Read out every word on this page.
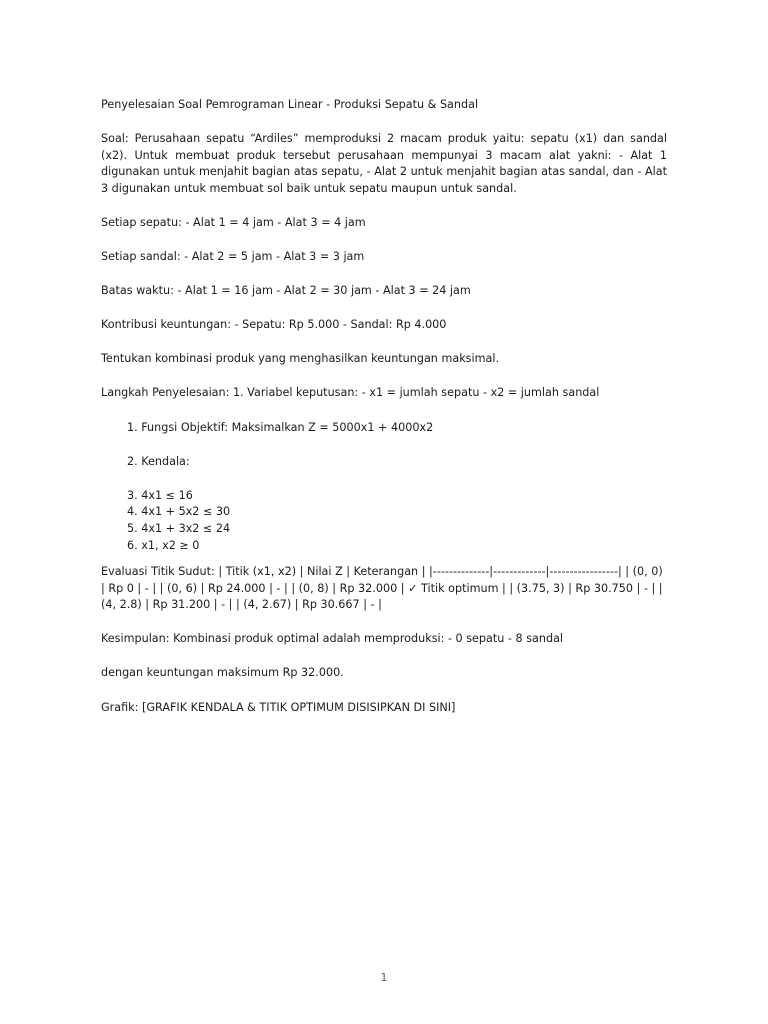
Penyelesaian Soal Pemrograman Linear - Produksi Sepatu & Sandal

Soal: Perusahaan sepatu “Ardiles” memproduksi 2 macam produk yaitu: sepatu (x1) dan sandal (x2). Untuk membuat produk tersebut perusahaan mempunyai 3 macam alat yakni: - Alat 1 digunakan untuk menjahit bagian atas sepatu, - Alat 2 untuk menjahit bagian atas sandal, dan - Alat 3 digunakan untuk membuat sol baik untuk sepatu maupun untuk sandal.

Setiap sepatu: - Alat 1 = 4 jam - Alat 3 = 4 jam

Setiap sandal: - Alat 2 = 5 jam - Alat 3 = 3 jam

Batas waktu: - Alat 1 = 16 jam - Alat 2 = 30 jam - Alat 3 = 24 jam

Kontribusi keuntungan: - Sepatu: Rp 5.000 - Sandal: Rp 4.000

Tentukan kombinasi produk yang menghasilkan keuntungan maksimal.

Langkah Penyelesaian: 1. Variabel keputusan: - x1 = jumlah sepatu - x2 = jumlah sandal

1. Fungsi Objektif: Maksimalkan Z = 5000x1 + 4000x2

2. Kendala:

3. 4x1 ≤ 16
4. 4x1 + 5x2 ≤ 30
5. 4x1 + 3x2 ≤ 24
6. x1, x2 ≥ 0

Evaluasi Titik Sudut: | Titik (x1, x2) | Nilai Z | Keterangan | |--------------|-------------|-----------------| | (0, 0) | Rp 0 | - | | (0, 6) | Rp 24.000 | - | | (0, 8) | Rp 32.000 | ✓ Titik optimum | | (3.75, 3) | Rp 30.750 | - | | (4, 2.8) | Rp 31.200 | - | | (4, 2.67) | Rp 30.667 | - |

Kesimpulan: Kombinasi produk optimal adalah memproduksi: - 0 sepatu - 8 sandal

dengan keuntungan maksimum Rp 32.000.

Grafik: [GRAFIK KENDALA & TITIK OPTIMUM DISISIPKAN DI SINI]

1
